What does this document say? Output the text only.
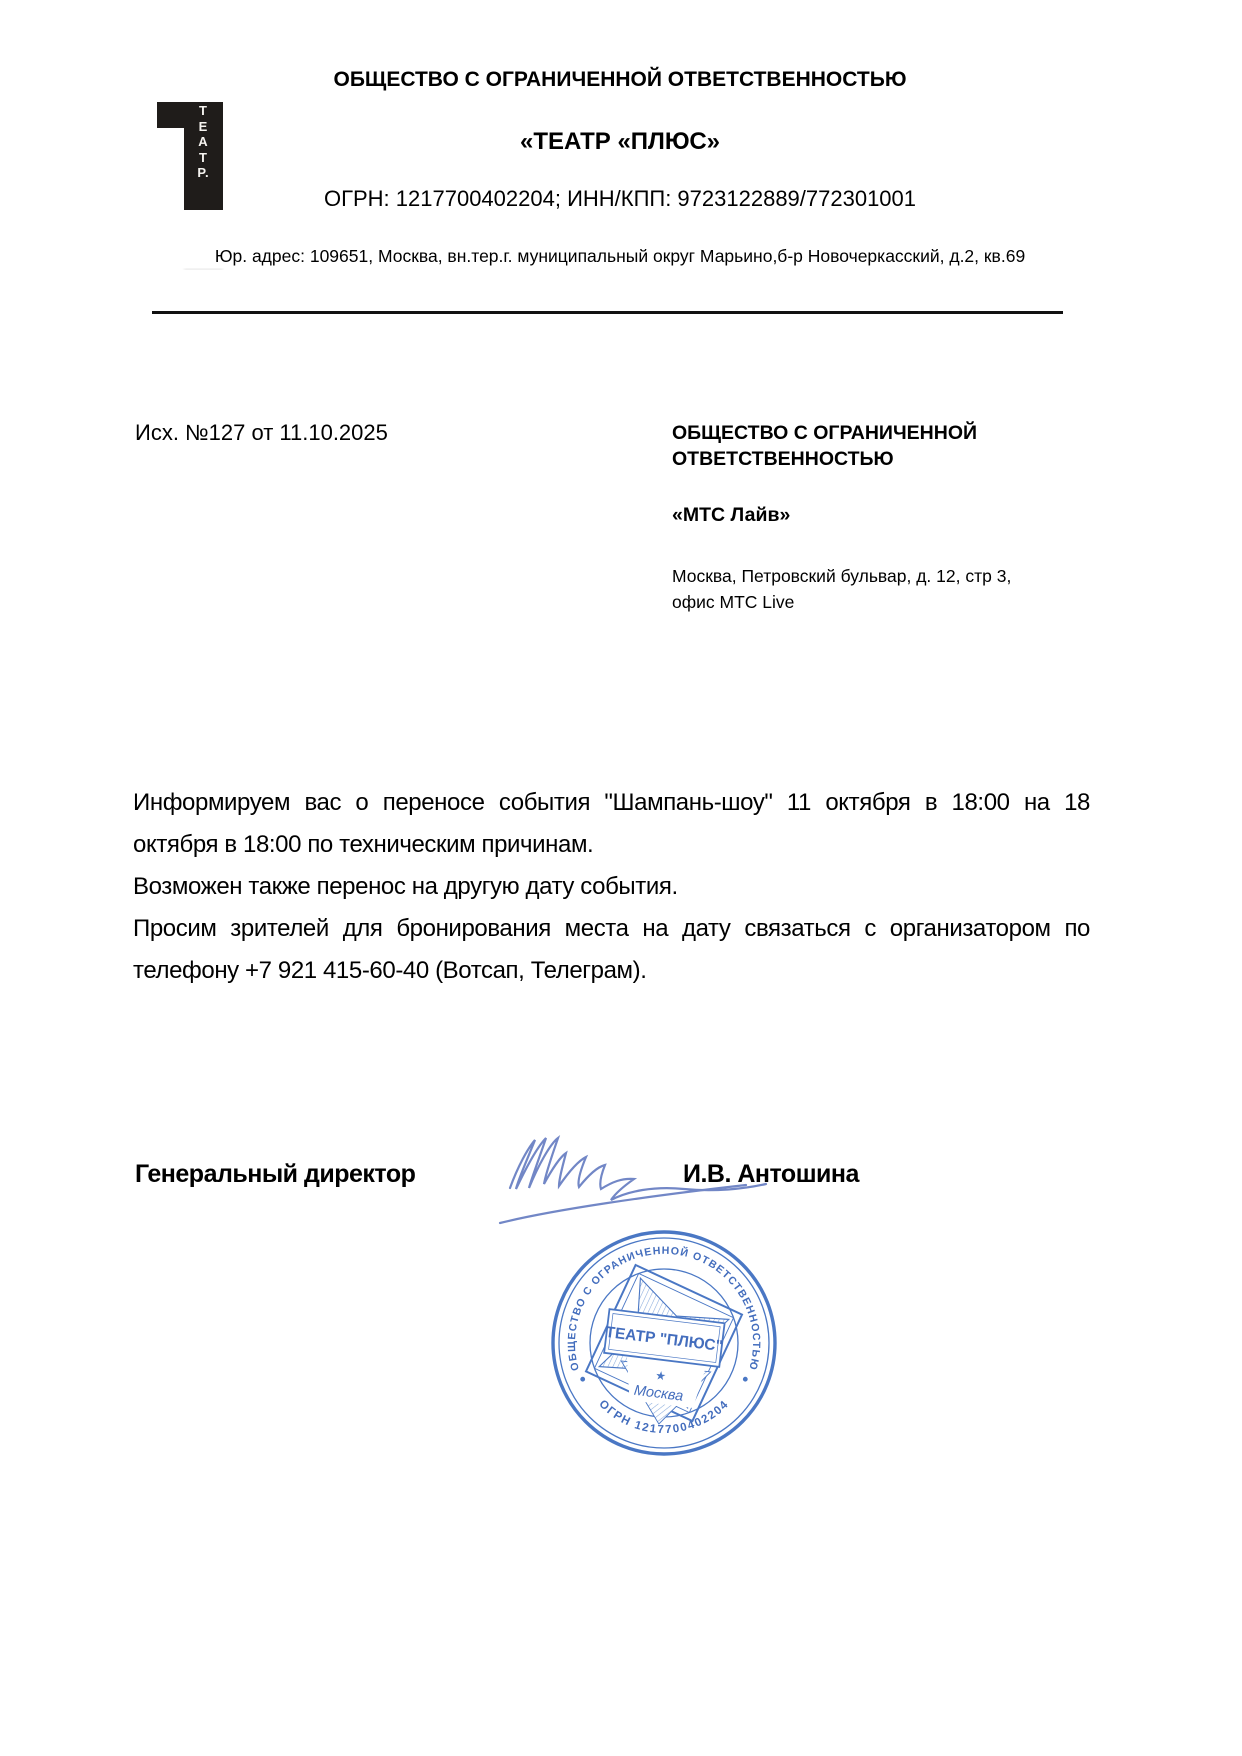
Т
Е
А
Т
Р.
ОБЩЕСТВО С ОГРАНИЧЕННОЙ ОТВЕТСТВЕННОСТЬЮ
«ТЕАТР «ПЛЮС»
ОГРН: 1217700402204; ИНН/КПП: 9723122889/772301001
Юр. адрес: 109651, Москва, вн.тер.г. муниципальный округ Марьино,б-р Новочеркасский, д.2, кв.69
Исх. №127 от 11.10.2025	ОБЩЕСТВО С ОГРАНИЧЕННОЙ
ОТВЕТСТВЕННОСТЬЮ
«МТС Лайв»
Москва, Петровский бульвар, д. 12, стр 3,
офис МТС Live

Информируем вас о переносе события "Шампань-шоу" 11 октября в 18:00 на 18 октября в 18:00 по техническим причинам.

Возможен также перенос на другую дату события.

Просим зрителей для бронирования места на дату связаться с организатором по телефону +7 921 415-60-40 (Вотсап, Телеграм).

Генеральный директор	И.В. Антошина
ОБЩЕСТВО С ОГРАНИЧЕННОЙ ОТВЕТСТВЕННОСТЬЮ
ОГРН 1217700402204
ТЕАТР "ПЛЮС"
★
Москва
